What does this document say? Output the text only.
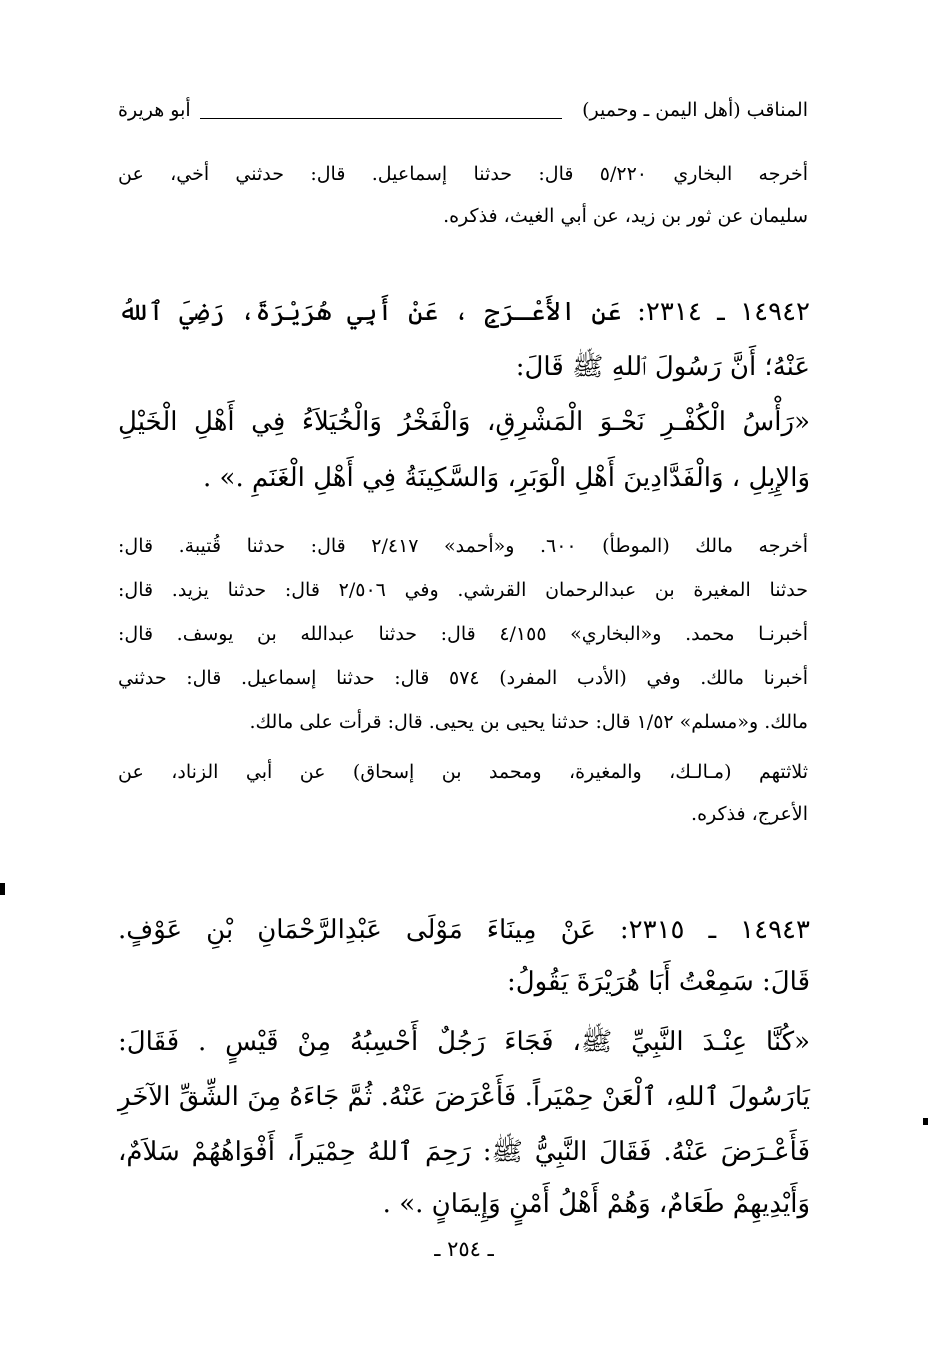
المناقب (أهل اليمن ـ وحمير)
أبو هريرة
أخرجه البخاري ٥/٢٢٠ قال: حدثنا إسماعيل. قال: حدثني أخي، عن
سليمان عن ثور بن زيد، عن أبي الغيث، فذكره.
١٤٩٤٢ ـ ٢٣١٤: عَنِ الأَعْـرَجِ ، عَنْ أَبِي هُرَيْرَةَ، رَضِيَ ٱللهُ
عَنْهُ؛ أَنَّ رَسُولَ ٱللهِ ﷺ قَالَ:
«رَأْسُ الْكُفْـرِ نَحْـوَ الْمَشْرِقِ، وَالْفَخْرُ وَالْخُيَلاَءُ فِي أَهْلِ الْخَيْلِ
وَالإِبِلِ ، وَالْفَدَّادِينَ أَهْلِ الْوَبَرِ، وَالسَّكِينَةُ فِي أَهْلِ الْغَنَمِ .» .
أخرجه مالك (الموطأ) ٦٠٠. و«أحمد» ٢/٤١٧ قال: حدثنا قُتيبة. قال:
حدثنا المغيرة بن عبدالرحمان القرشي. وفي ٢/٥٠٦ قال: حدثنا يزيد. قال:
أخبرنـا محمد. و«البخاري» ٤/١٥٥ قال: حدثنا عبدالله بن يوسف. قال:
أخبرنا مالك. وفي (الأدب المفرد) ٥٧٤ قال: حدثنا إسماعيل. قال: حدثني
مالك. و«مسلم» ١/٥٢ قال: حدثنا يحيى بن يحيى. قال: قرأت على مالك.
ثلاثتهم (مـالـك، والمغيرة، ومحمد بن إسحاق) عن أبي الزناد، عن
الأعرج، فذكره.
١٤٩٤٣ ـ ٢٣١٥: عَنْ مِينَاءَ مَوْلَى عَبْدِالرَّحْمَانِ بْنِ عَوْفٍ.
قَالَ: سَمِعْتُ أَبَا هُرَيْرَةَ يَقُولُ:
«كُنَّا عِنْـدَ النَّبِيِّ ﷺ، فَجَاءَ رَجُلٌ أَحْسِبُهُ مِنْ قَيْسٍ . فَقَالَ:
يَارَسُولَ ٱللهِ، ٱلْعَنْ حِمْيَراً. فَأَعْرَضَ عَنْهُ. ثُمَّ جَاءَهُ مِنَ الشِّقِّ الآخَرِ
فَأَعْـرَضَ عَنْهُ. فَقَالَ النَّبِيُّ ﷺ: رَحِمَ ٱللهُ حِمْيَراً، أَفْوَاهُهُمْ سَلاَمٌ،
وَأَيْدِيهِمْ طَعَامٌ، وَهُمْ أَهْلُ أَمْنٍ وَإِيمَانٍ .» .
ـ ٢٥٤ ـ
